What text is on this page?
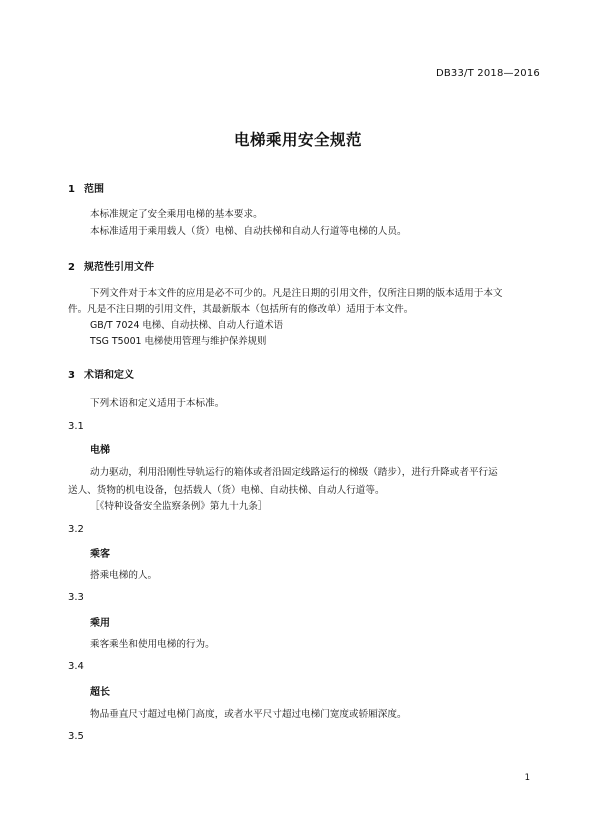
DB33/T 2018—2016
电梯乘用安全规范
1 范围
本标准规定了安全乘用电梯的基本要求。
本标准适用于乘用载人（货）电梯、自动扶梯和自动人行道等电梯的人员。
2 规范性引用文件
下列文件对于本文件的应用是必不可少的。凡是注日期的引用文件，仅所注日期的版本适用于本文
件。凡是不注日期的引用文件，其最新版本（包括所有的修改单）适用于本文件。
GB/T 7024 电梯、自动扶梯、自动人行道术语
TSG T5001 电梯使用管理与维护保养规则
3 术语和定义
下列术语和定义适用于本标准。
3.1
电梯
动力驱动，利用沿刚性导轨运行的箱体或者沿固定线路运行的梯级（踏步），进行升降或者平行运
送人、货物的机电设备，包括载人（货）电梯、自动扶梯、自动人行道等。
［《特种设备安全监察条例》第九十九条］
3.2
乘客
搭乘电梯的人。
3.3
乘用
乘客乘坐和使用电梯的行为。
3.4
超长
物品垂直尺寸超过电梯门高度，或者水平尺寸超过电梯门宽度或轿厢深度。
3.5
1
